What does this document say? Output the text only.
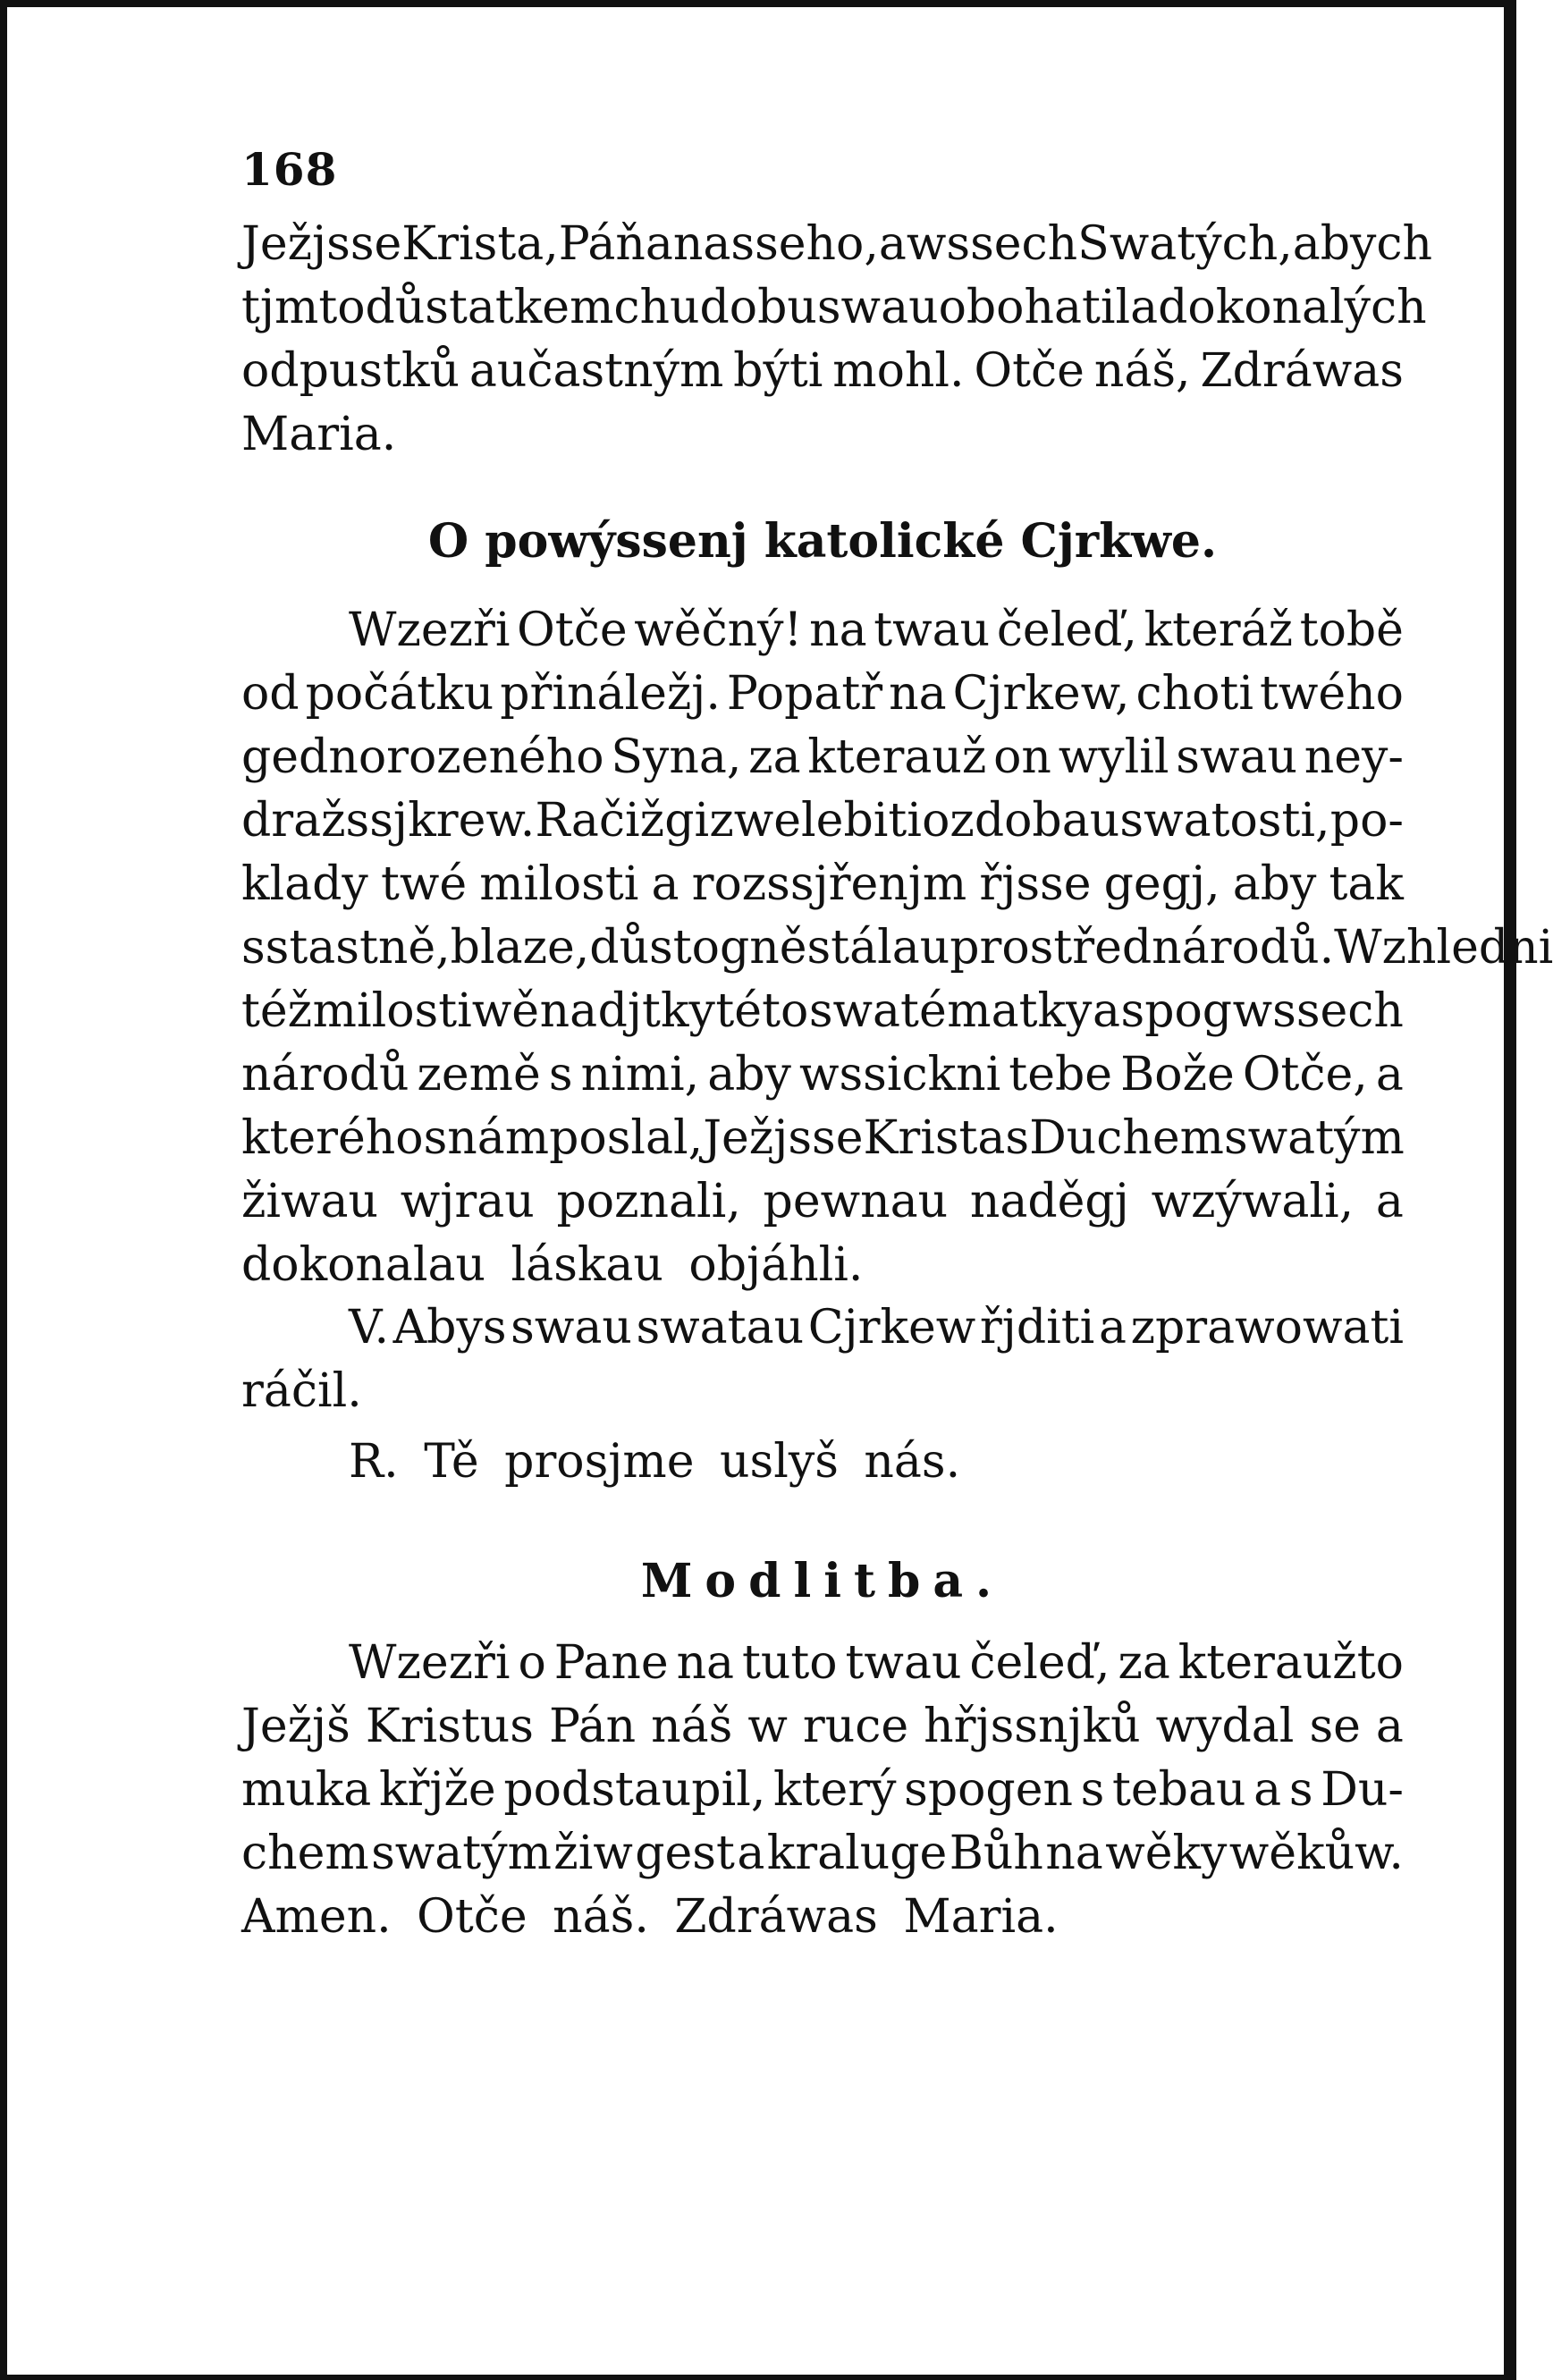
168
Ježjsse Krista, Páňa nasseho, a wssech Swatých, abych
tjmto důstatkem chudobu swau obohatil a dokonalých
odpustků aučastným býti mohl. Otče náš, Zdráwas
Maria.
O powýssenj katolické Cjrkwe.
Wzezři Otče wěčný! na twau čeleď, kteráž tobě
od počátku přináležj. Popatř na Cjrkew, choti twého
gednorozeného Syna, za kterauž on wylil swau ney-
dražssj krew. Račiž gi zwelebiti ozdobau swatosti, po-
klady twé milosti a rozssjřenjm řjsse gegj, aby tak
sstastně, blaze, důstogně stála u prostřed národů. Wzhledni
též milostiwě na djtky této swaté matky a spog wssech
národů země s nimi, aby wssickni tebe Bože Otče, a
kteréhos nám poslal, Ježjsse Krista s Duchem swatým
žiwau wjrau poznali, pewnau naděgj wzýwali, a
dokonalau láskau objáhli.
V. Abys swau swatau Cjrkew řjditi a zprawowati
ráčil.
R. Tě prosjme uslyš nás.
Modlitba.
Wzezři o Pane na tuto twau čeleď, za kteraužto
Ježjš Kristus Pán náš w ruce hřjssnjků wydal se a
muka křjže podstaupil, který spogen s tebau a s Du-
chem swatým žiw gest a kraluge Bůh na wěky wěkůw.
Amen. Otče náš. Zdráwas Maria.
